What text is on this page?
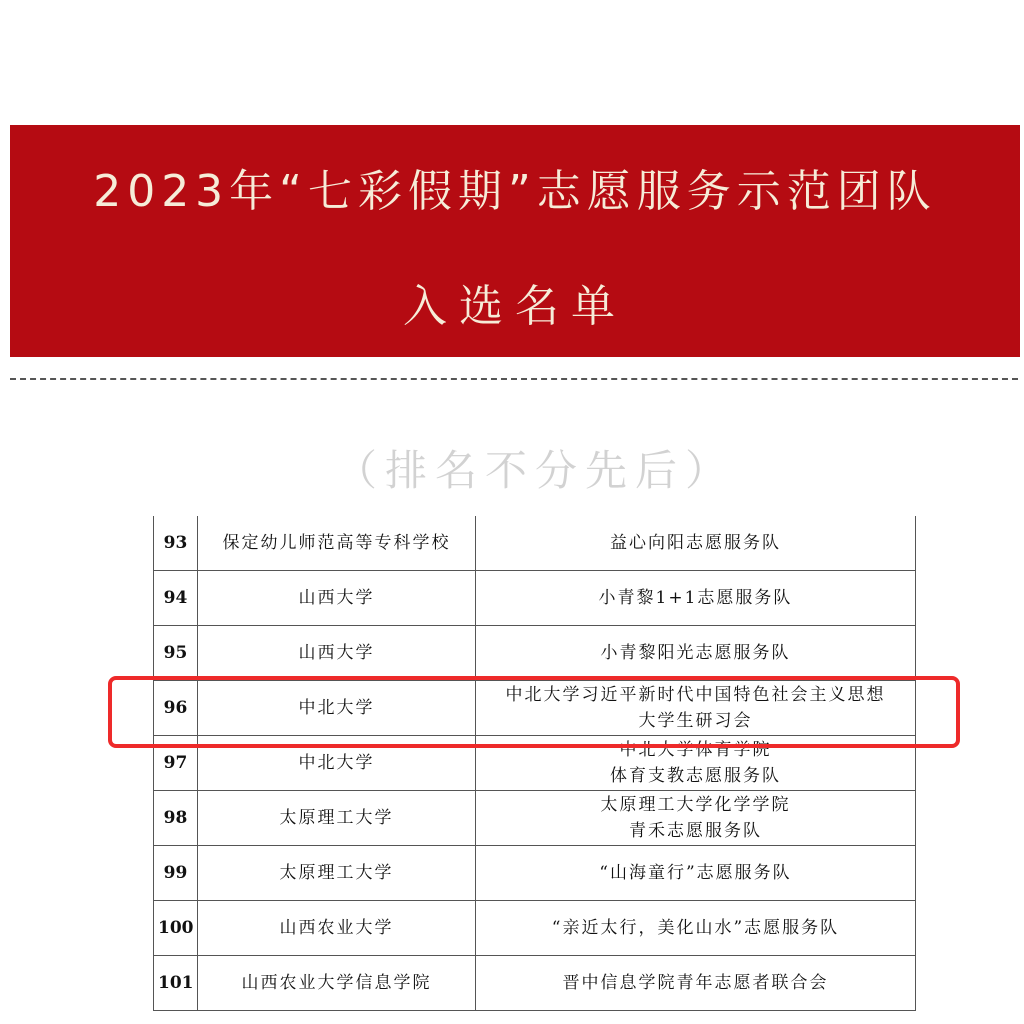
2023年“七彩假期”志愿服务示范团队
入选名单
（排名不分先后）
93	保定幼儿师范高等专科学校	益心向阳志愿服务队

94	山西大学	小青黎1+1志愿服务队

95	山西大学	小青黎阳光志愿服务队

96	中北大学	中北大学习近平新时代中国特色社会主义思想
大学生研习会

97	中北大学	中北大学体育学院
体育支教志愿服务队

98	太原理工大学	太原理工大学化学学院
青禾志愿服务队

99	太原理工大学	“山海童行”志愿服务队

100	山西农业大学	“亲近太行，美化山水”志愿服务队

101	山西农业大学信息学院	晋中信息学院青年志愿者联合会
